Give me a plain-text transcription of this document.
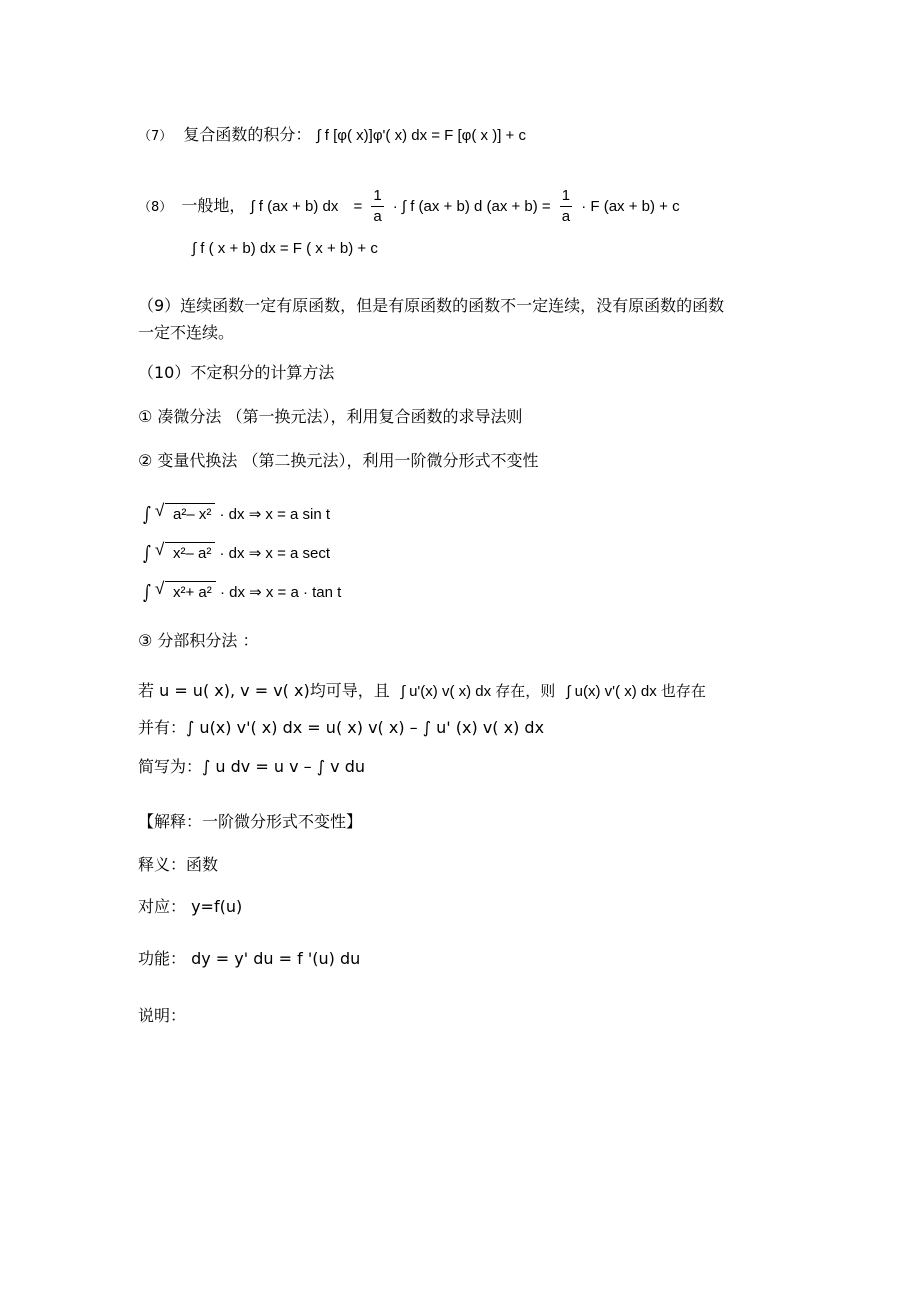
（7） 复合函数的积分： ∫ f [φ( x)]φ'( x) dx = F [φ( x )] + c
（8） 一般地， ∫ f (ax + b) dx = $\frac{1}{a}$ · ∫ f (ax + b) d $(ax + b) = \frac{1}{a} \cdot F$ (ax + b) + c
∫ f ( x + b) dx = F ( x + b) + c
（9）连续函数一定有原函数，但是有原函数的函数不一定连续，没有原函数的函数一定不连续。
（10）不定积分的计算方法
① 凑微分法 （第一换元法），利用复合函数的求导法则
② 变量代换法 （第二换元法），利用一阶微分形式不变性
∫ √ a²– x² · dx ⇒ x = a sin t
∫ √ x²– a² · dx ⇒ x = a sect
∫ √ x²+ a² · dx ⇒ x = a · tan t
③ 分部积分法 ：
若 u = u( x), v = v( x)均可导，且 ∫ u'(x) v( x) dx 存在，则 ∫ u(x) v'( x) dx 也存在
并有：∫ u(x) v'( x) dx = u( x) v( x) – ∫ u' (x) v( x) dx
简写为：∫ u dv = u v – ∫ v du
【解释：一阶微分形式不变性】
释义：函数
对应： y=f(u)
功能： dy = y' du = f '(u) du
说明：
